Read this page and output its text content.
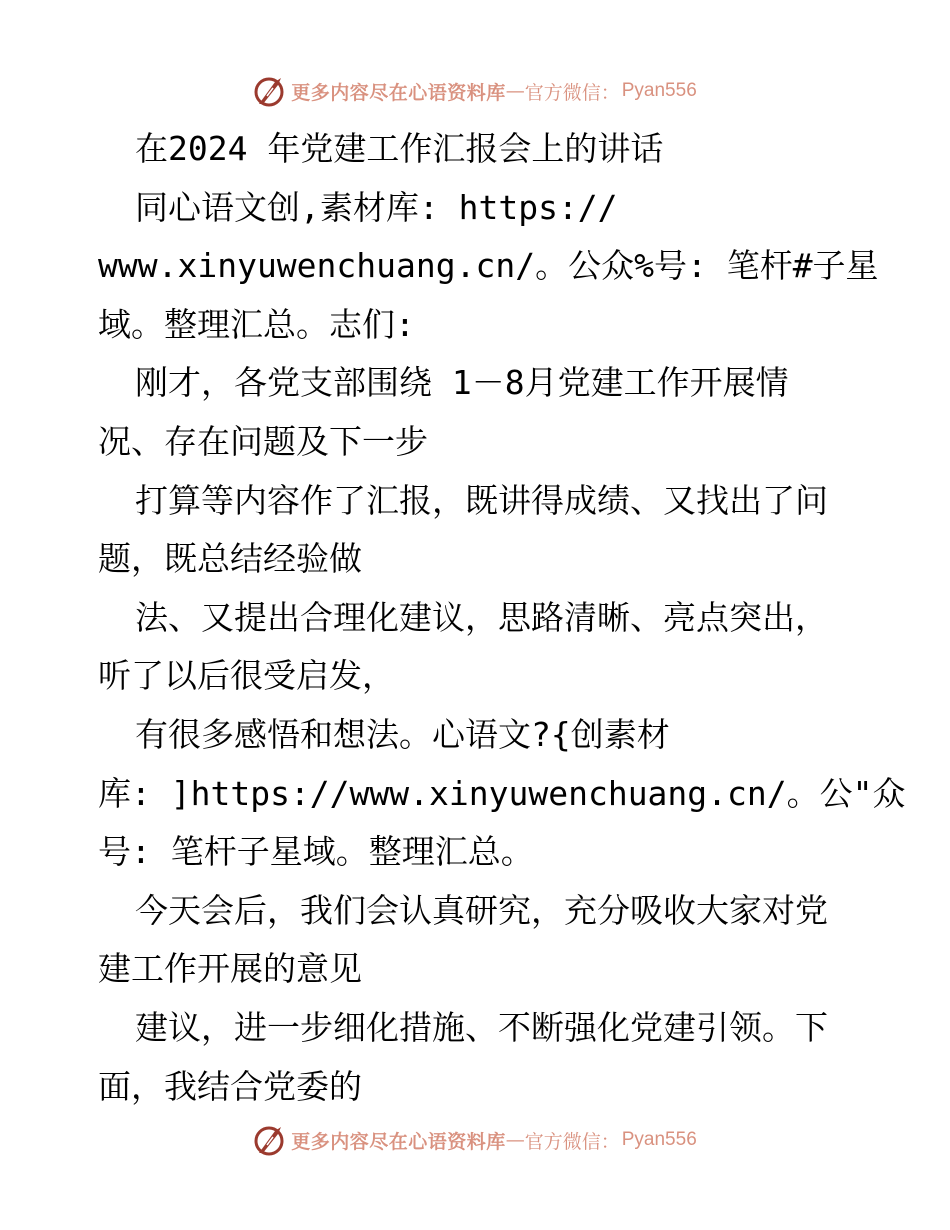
更多内容尽在心语资料库 — 官方微信： Pyan556
在2024 年党建工作汇报会上的讲话
同心语文创,素材库: https://
www.xinyuwenchuang.cn/。公众%号: 笔杆#子星
域。整理汇总。志们:
刚才，各党支部围绕 1－8月党建工作开展情
况、存在问题及下一步
打算等内容作了汇报，既讲得成绩、又找出了问
题，既总结经验做
法、又提出合理化建议，思路清晰、亮点突出，
听了以后很受启发，
有很多感悟和想法。心语文?{创素材
库: ]https://www.xinyuwenchuang.cn/。公"众
号: 笔杆子星域。整理汇总。
今天会后，我们会认真研究，充分吸收大家对党
建工作开展的意见
建议，进一步细化措施、不断强化党建引领。下
面，我结合党委的
更多内容尽在心语资料库 — 官方微信： Pyan556
